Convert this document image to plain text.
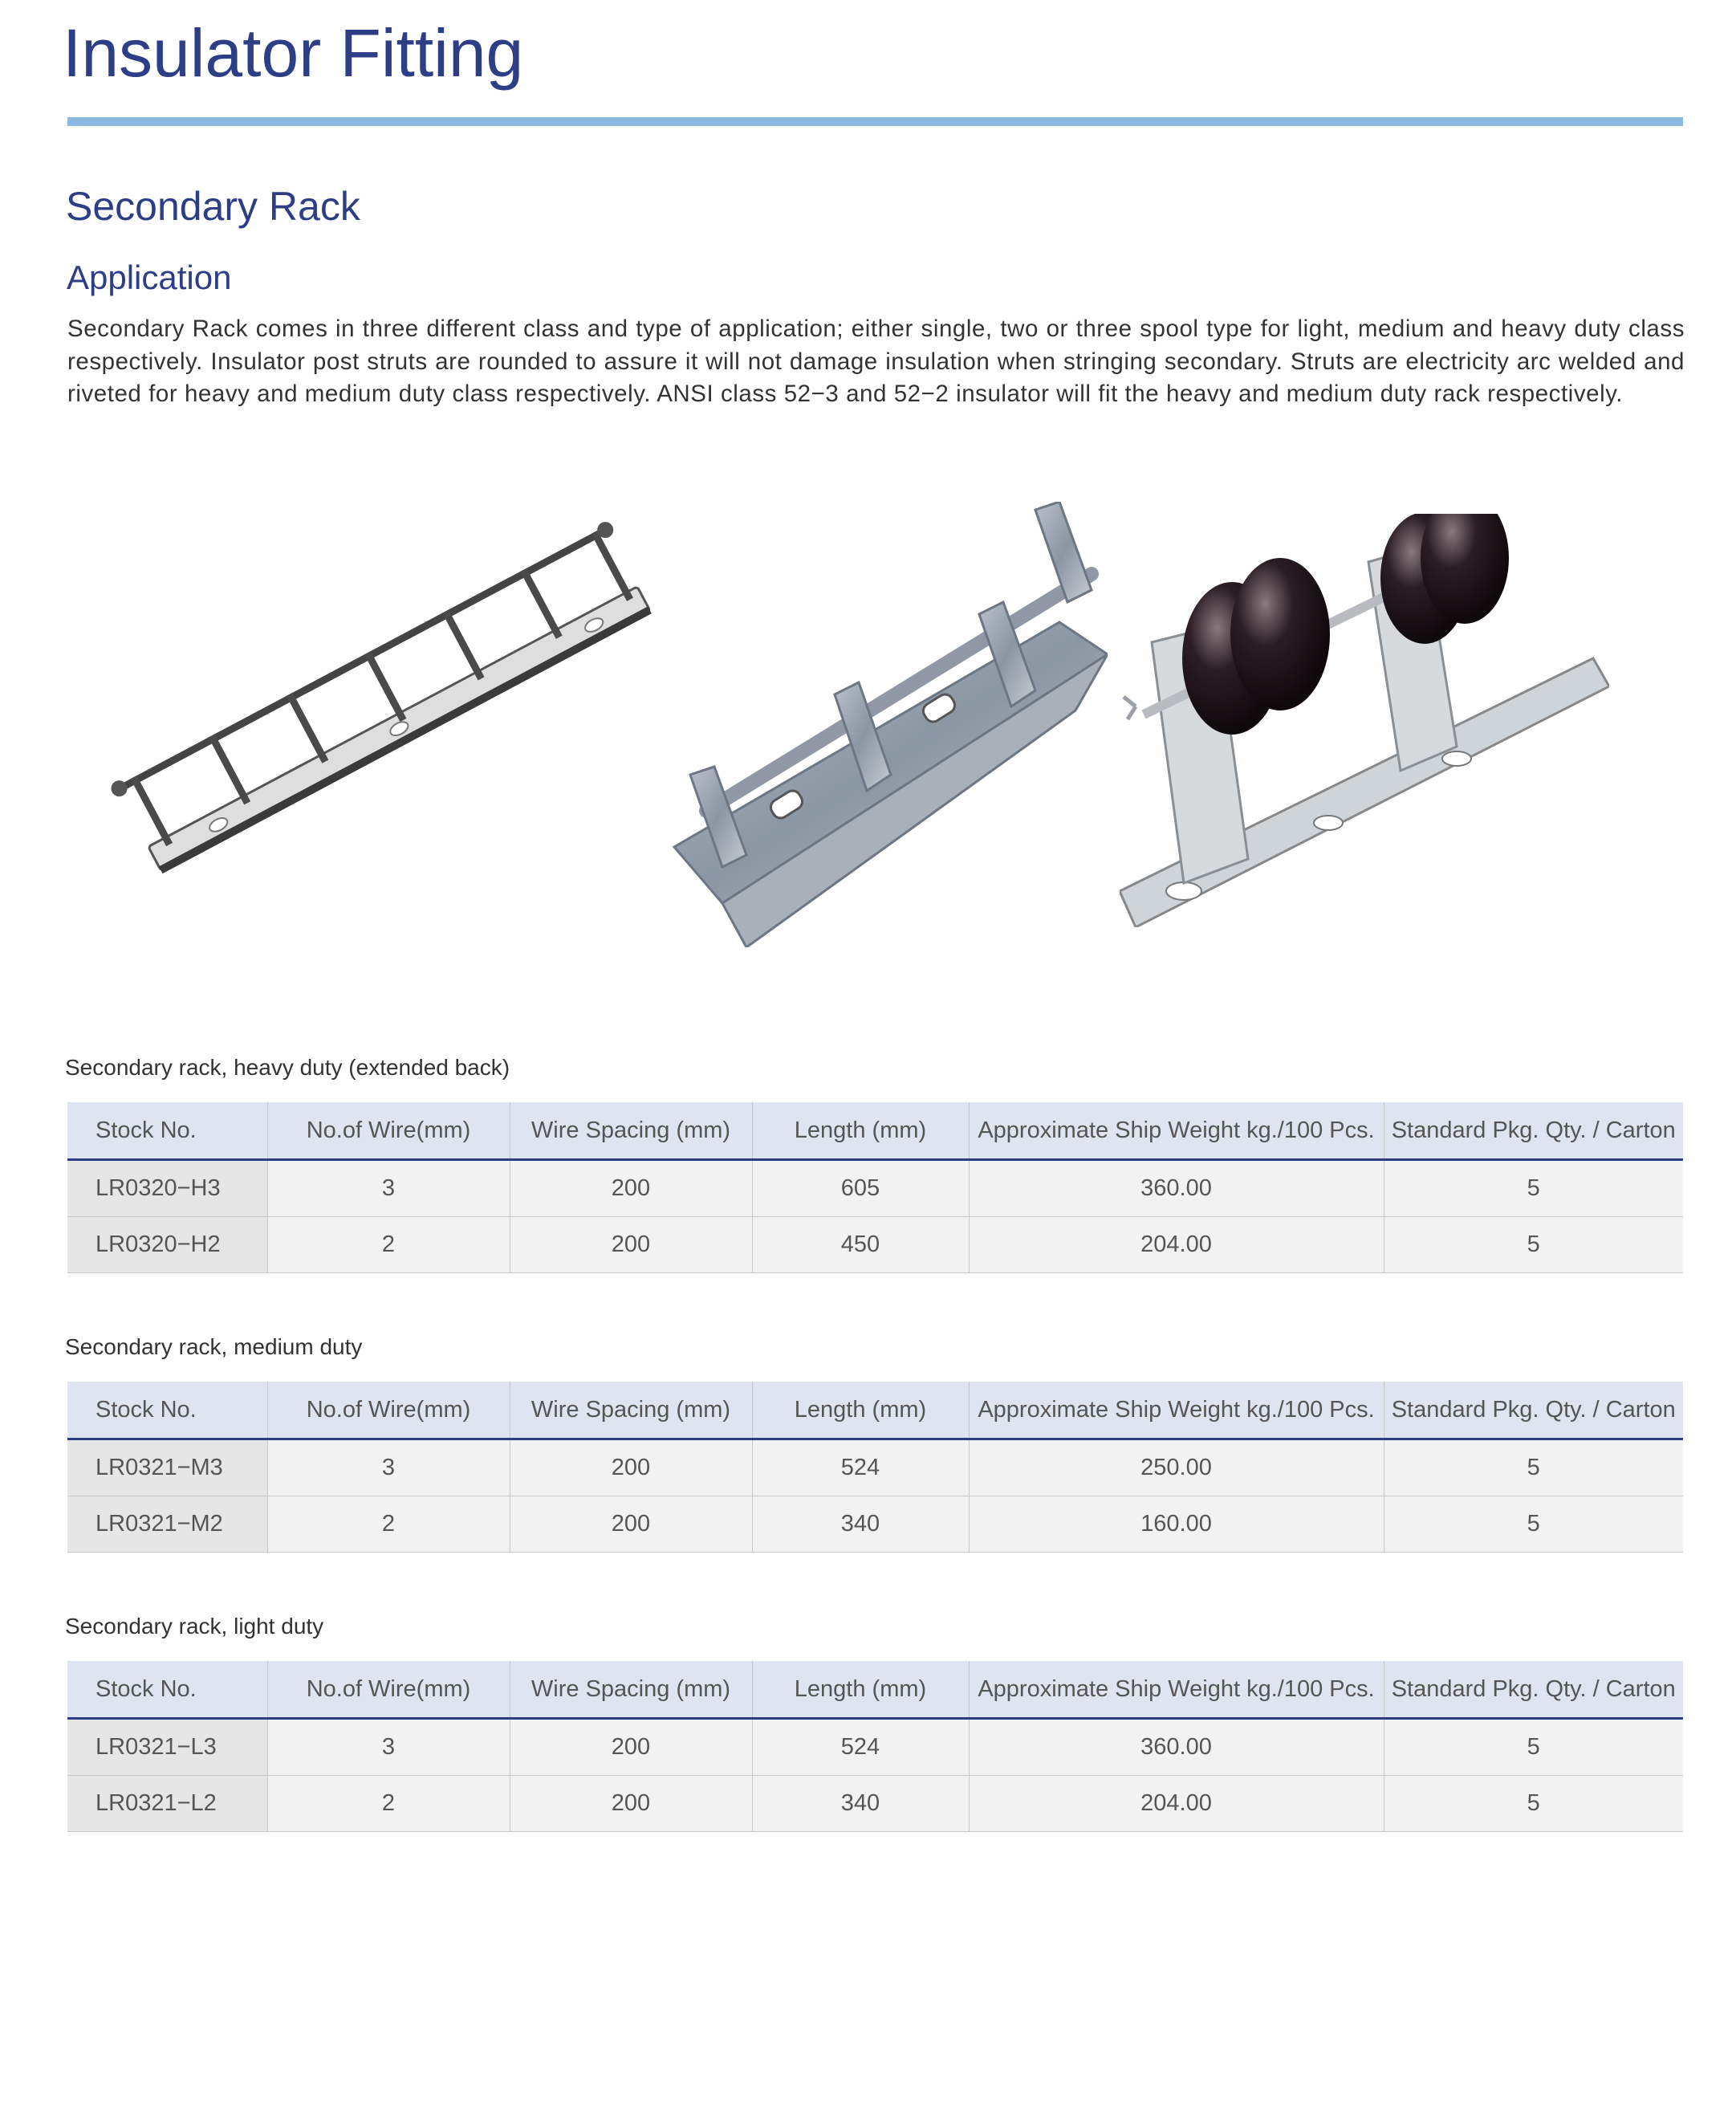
Insulator Fitting
Secondary Rack
Application

Secondary Rack comes in three different class and type of application; either single, two or three spool type for light, medium and heavy duty class respectively. Insulator post struts are rounded to assure it will not damage insulation when stringing secondary. Struts are electricity arc welded and riveted for heavy and medium duty class respectively. ANSI class 52−3 and 52−2 insulator will fit the heavy and medium duty rack respectively.

Secondary rack, heavy duty (extended back)
Stock No.	No.of Wire(mm)	Wire Spacing (mm)	Length (mm)	Approximate Ship Weight kg./100 Pcs.	Standard Pkg. Qty. / Carton
LR0320−H3	3	200	605	360.00	5
LR0320−H2	2	200	450	204.00	5
Secondary rack, medium duty
Stock No.	No.of Wire(mm)	Wire Spacing (mm)	Length (mm)	Approximate Ship Weight kg./100 Pcs.	Standard Pkg. Qty. / Carton
LR0321−M3	3	200	524	250.00	5
LR0321−M2	2	200	340	160.00	5
Secondary rack, light duty
Stock No.	No.of Wire(mm)	Wire Spacing (mm)	Length (mm)	Approximate Ship Weight kg./100 Pcs.	Standard Pkg. Qty. / Carton
LR0321−L3	3	200	524	360.00	5
LR0321−L2	2	200	340	204.00	5
